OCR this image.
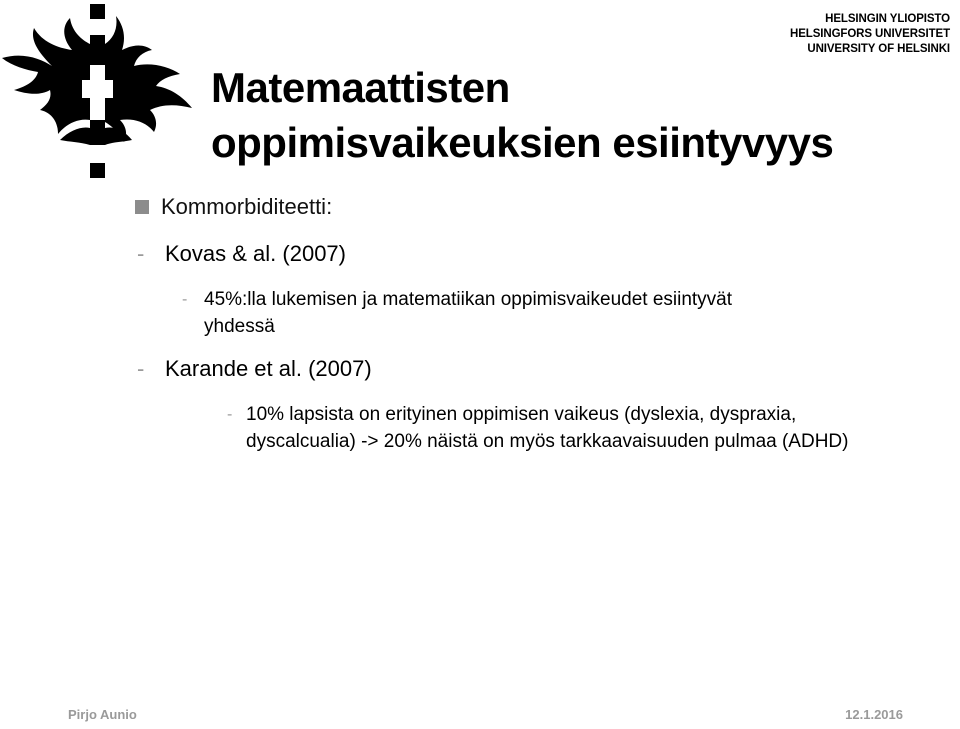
HELSINGIN YLIOPISTO
HELSINGFORS UNIVERSITET
UNIVERSITY OF HELSINKI
Matemaattisten
oppimisvaikeuksien esiintyvyys
Kommorbiditeetti:
- Kovas & al. (2007)
- 45%:lla lukemisen ja matematiikan oppimisvaikeudet esiintyvät yhdessä
- Karande et al. (2007)
- 10% lapsista on erityinen oppimisen vaikeus (dyslexia, dyspraxia, dyscalcualia) -> 20% näistä on myös tarkkaavaisuuden pulmaa (ADHD)
Pirjo Aunio	12.1.2016
